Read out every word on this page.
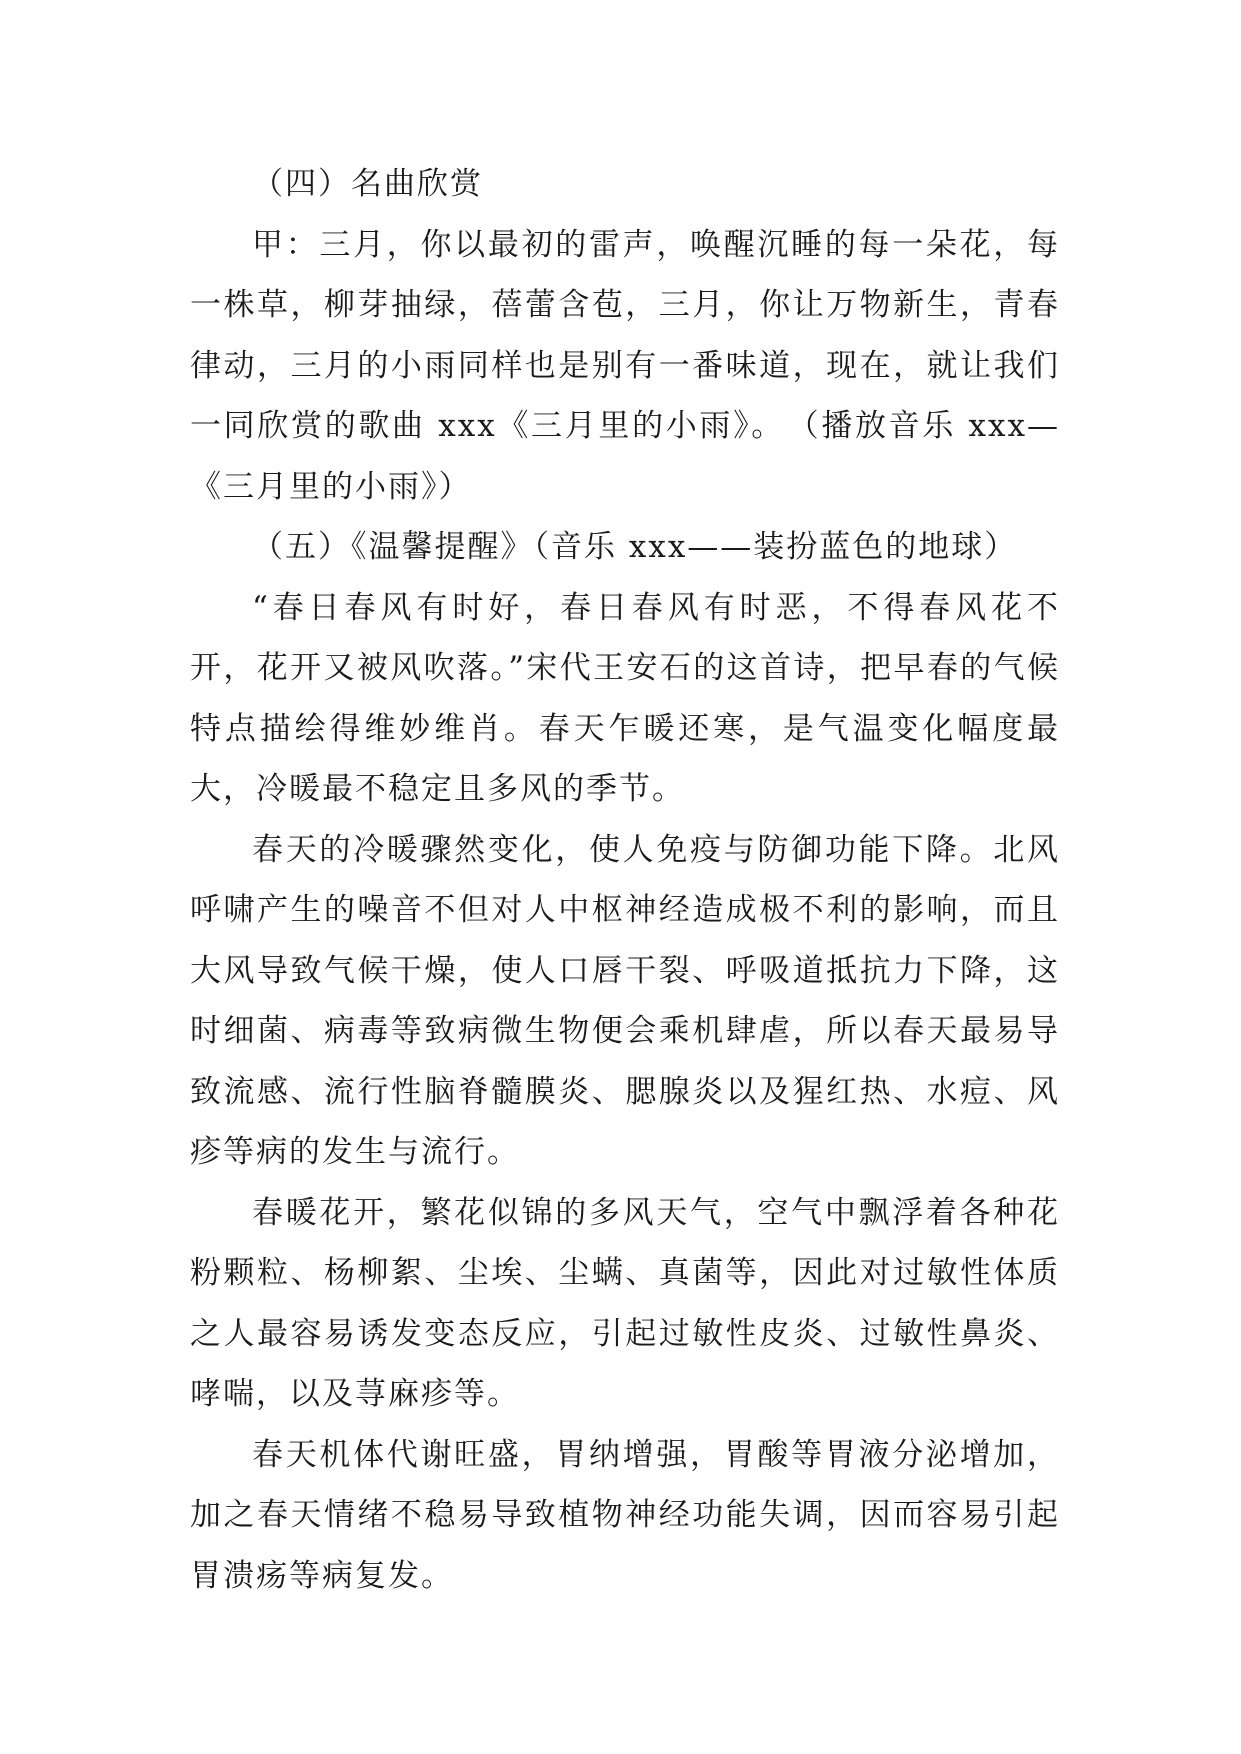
（四）名曲欣赏

甲：三月，你以最初的雷声，唤醒沉睡的每一朵花，每一株草，柳芽抽绿，蓓蕾含苞，三月，你让万物新生，青春律动，三月的小雨同样也是别有一番味道，现在，就让我们一同欣赏的歌曲 xxx《三月里的小雨》。　（播放音乐 xxx—《三月里的小雨》）

（五）《温馨提醒》（音乐 xxx——装扮蓝色的地球）

“春日春风有时好，春日春风有时恶，不得春风花不开，花开又被风吹落。”宋代王安石的这首诗，把早春的气候特点描绘得维妙维肖。春天乍暖还寒，是气温变化幅度最大，冷暖最不稳定且多风的季节。

春天的冷暖骤然变化，使人免疫与防御功能下降。北风呼啸产生的噪音不但对人中枢神经造成极不利的影响，而且大风导致气候干燥，使人口唇干裂、呼吸道抵抗力下降，这时细菌、病毒等致病微生物便会乘机肆虐，所以春天最易导致流感、流行性脑脊髓膜炎、腮腺炎以及猩红热、水痘、风疹等病的发生与流行。

春暖花开，繁花似锦的多风天气，空气中飘浮着各种花粉颗粒、杨柳絮、尘埃、尘螨、真菌等，因此对过敏性体质之人最容易诱发变态反应，引起过敏性皮炎、过敏性鼻炎、哮喘，以及荨麻疹等。

春天机体代谢旺盛，胃纳增强，胃酸等胃液分泌增加，加之春天情绪不稳易导致植物神经功能失调，因而容易引起胃溃疡等病复发。
